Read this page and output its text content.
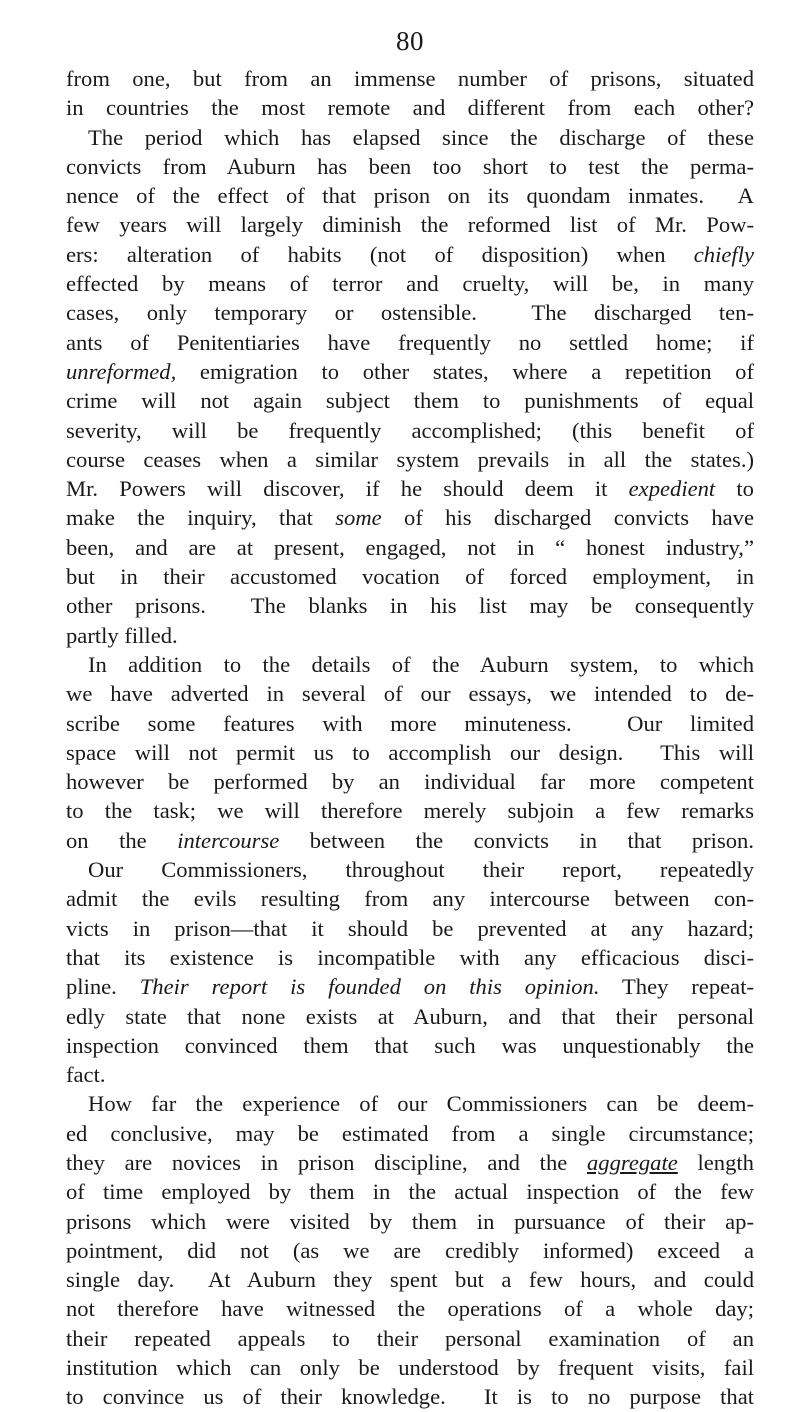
80
from one, but from an immense number of prisons, situated
in countries the most remote and different from each other?
The period which has elapsed since the discharge of these
convicts from Auburn has been too short to test the perma-
nence of the effect of that prison on its quondam inmates.  A
few years will largely diminish the reformed list of Mr. Pow-
ers: alteration of habits (not of disposition) when chiefly
effected by means of terror and cruelty, will be, in many
cases, only temporary or ostensible.  The discharged ten-
ants of Penitentiaries have frequently no settled home; if
unreformed, emigration to other states, where a repetition of
crime will not again subject them to punishments of equal
severity, will be frequently accomplished; (this benefit of
course ceases when a similar system prevails in all the states.)
Mr. Powers will discover, if he should deem it expedient to
make the inquiry, that some of his discharged convicts have
been, and are at present, engaged, not in “ honest industry,”
but in their accustomed vocation of forced employment, in
other prisons.  The blanks in his list may be consequently
partly filled.
In addition to the details of the Auburn system, to which
we have adverted in several of our essays, we intended to de-
scribe some features with more minuteness.  Our limited
space will not permit us to accomplish our design.  This will
however be performed by an individual far more competent
to the task; we will therefore merely subjoin a few remarks
on the intercourse between the convicts in that prison.
Our Commissioners, throughout their report, repeatedly
admit the evils resulting from any intercourse between con-
victs in prison—that it should be prevented at any hazard;
that its existence is incompatible with any efficacious disci-
pline. Their report is founded on this opinion. They repeat-
edly state that none exists at Auburn, and that their personal
inspection convinced them that such was unquestionably the
fact.
How far the experience of our Commissioners can be deem-
ed conclusive, may be estimated from a single circumstance;
they are novices in prison discipline, and the aggregate length
of time employed by them in the actual inspection of the few
prisons which were visited by them in pursuance of their ap-
pointment, did not (as we are credibly informed) exceed a
single day.  At Auburn they spent but a few hours, and could
not therefore have witnessed the operations of a whole day;
their repeated appeals to their personal examination of an
institution which can only be understood by frequent visits, fail
to convince us of their knowledge.  It is to no purpose that
